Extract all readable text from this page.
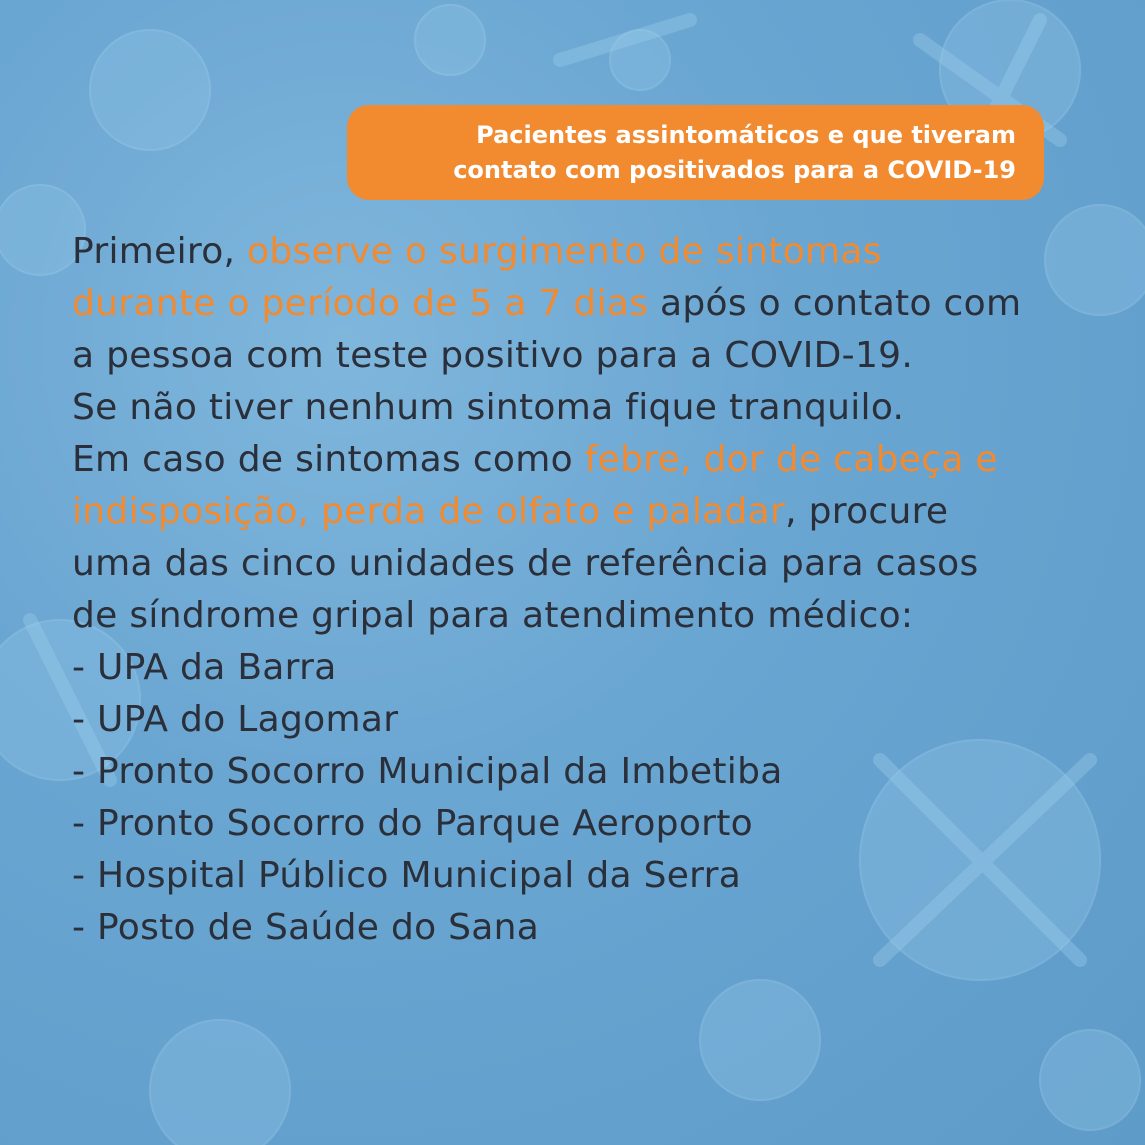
Pacientes assintomáticos e que tiveram
contato com positivados para a COVID-19

Primeiro, observe o surgimento de sintomas durante o período de 5 a 7 dias após o contato com a pessoa com teste positivo para a COVID-19.

Se não tiver nenhum sintoma fique tranquilo.

Em caso de sintomas como febre, dor de cabeça e indisposição, perda de olfato e paladar, procure uma das cinco unidades de referência para casos de síndrome gripal para atendimento médico:

- UPA da Barra
- UPA do Lagomar
- Pronto Socorro Municipal da Imbetiba
- Pronto Socorro do Parque Aeroporto
- Hospital Público Municipal da Serra
- Posto de Saúde do Sana
